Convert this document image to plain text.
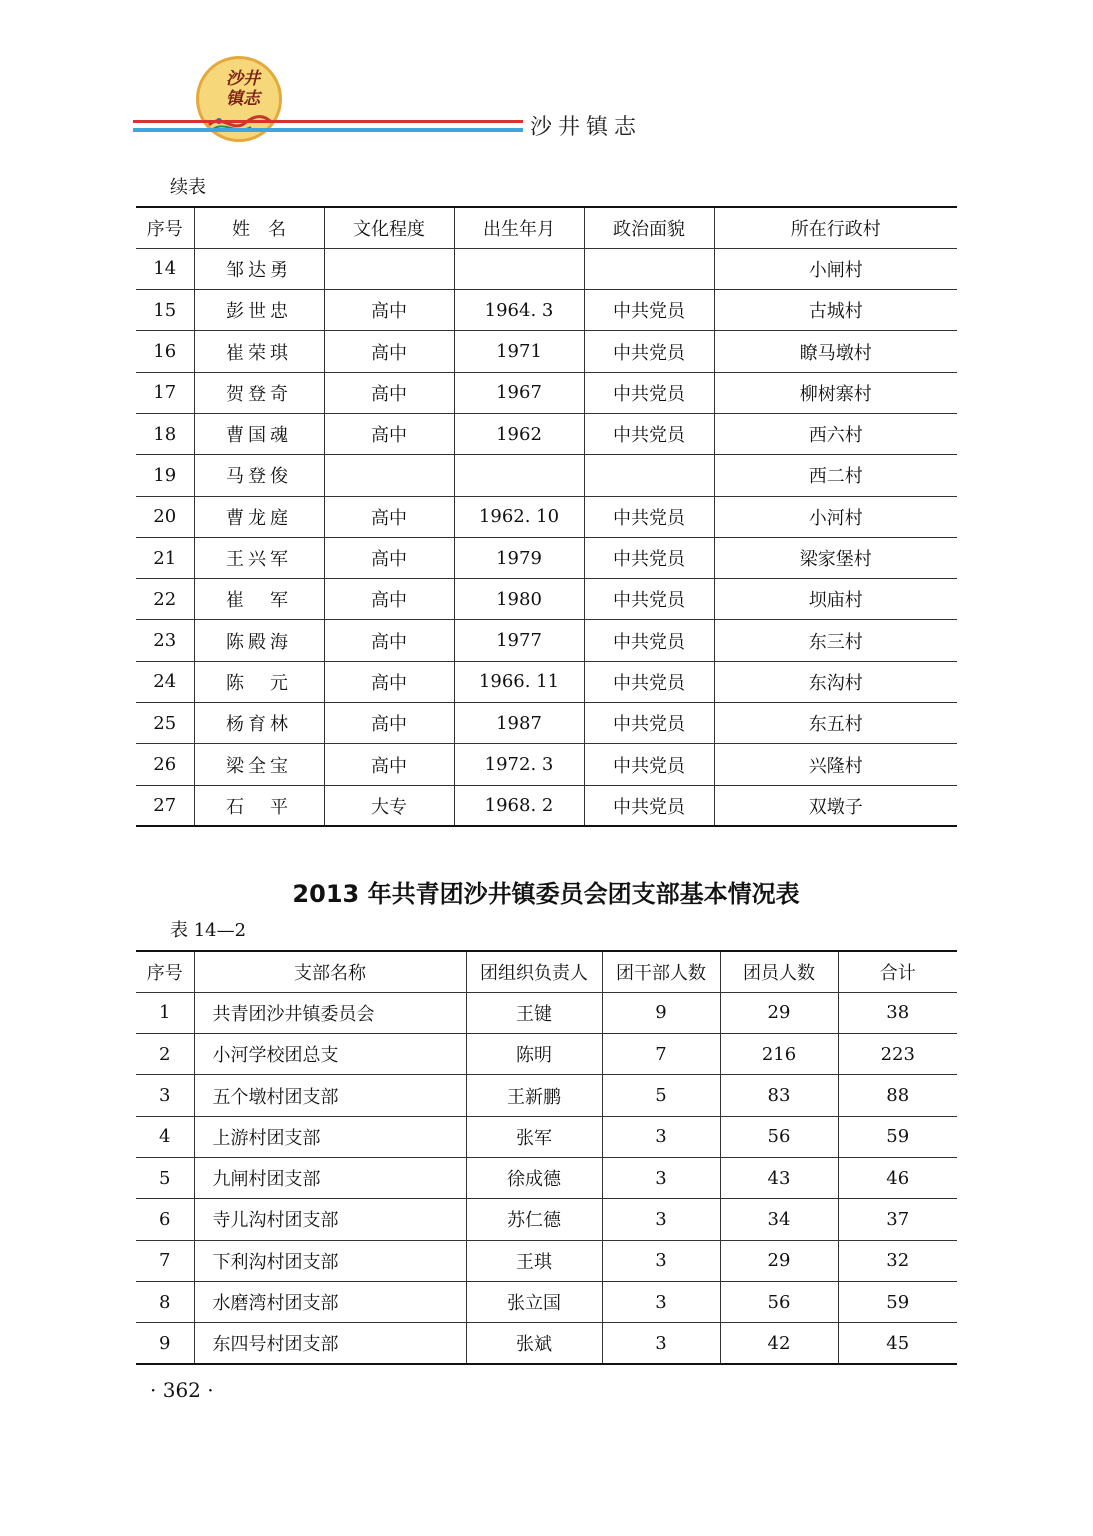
沙井
镇志
沙井镇志
续表
序号	姓　名	文化程度	出生年月	政治面貌	所在行政村
14	邹达勇				小闸村
15	彭世忠	高中	1964. 3	中共党员	古城村
16	崔荣琪	高中	1971	中共党员	瞭马墩村
17	贺登奇	高中	1967	中共党员	柳树寨村
18	曹国魂	高中	1962	中共党员	西六村
19	马登俊				西二村
20	曹龙庭	高中	1962. 10	中共党员	小河村
21	王兴军	高中	1979	中共党员	梁家堡村
22	崔　军	高中	1980	中共党员	坝庙村
23	陈殿海	高中	1977	中共党员	东三村
24	陈　元	高中	1966. 11	中共党员	东沟村
25	杨育林	高中	1987	中共党员	东五村
26	梁全宝	高中	1972. 3	中共党员	兴隆村
27	石　平	大专	1968. 2	中共党员	双墩子
2013 年共青团沙井镇委员会团支部基本情况表
表 14—2
序号	支部名称	团组织负责人	团干部人数	团员人数	合计
1	共青团沙井镇委员会	王键	9	29	38
2	小河学校团总支	陈明	7	216	223
3	五个墩村团支部	王新鹏	5	83	88
4	上游村团支部	张军	3	56	59
5	九闸村团支部	徐成德	3	43	46
6	寺儿沟村团支部	苏仁德	3	34	37
7	下利沟村团支部	王琪	3	29	32
8	水磨湾村团支部	张立国	3	56	59
9	东四号村团支部	张斌	3	42	45
· 362 ·
